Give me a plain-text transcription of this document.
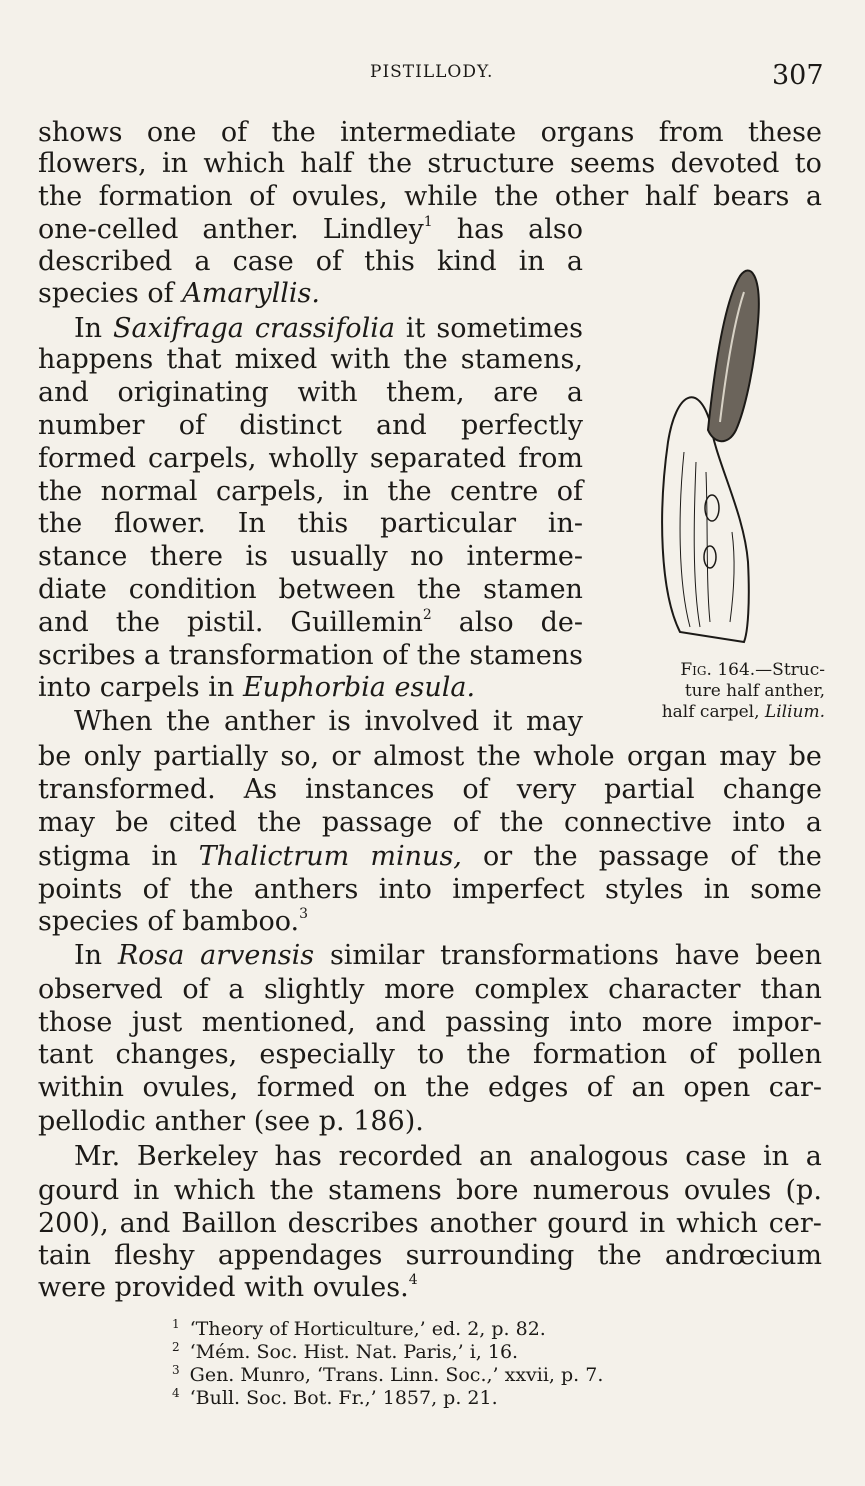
PISTILLODY.	307
shows one of the intermediate organs from these
flowers, in which half the structure seems devoted to
the formation of ovules, while the other half bears a
one-celled anther. Lindley$^1$ has also
described a case of this kind in a
species of Amaryllis.
In Saxifraga crassifolia it sometimes
happens that mixed with the stamens,
and originating with them, are a
number of distinct and perfectly
formed carpels, wholly separated from
the normal carpels, in the centre of
the flower. In this particular in-
stance there is usually no interme-
diate condition between the stamen
and the pistil. Guillemin$^2$ also de-
scribes a transformation of the stamens
into carpels in Euphorbia esula.
When the anther is involved it may
be only partially so, or almost the whole organ may be
transformed. As instances of very partial change
may be cited the passage of the connective into a
stigma in Thalictrum minus, or the passage of the
points of the anthers into imperfect styles in some
species of bamboo.$^3$
In Rosa arvensis similar transformations have been
observed of a slightly more complex character than
those just mentioned, and passing into more impor-
tant changes, especially to the formation of pollen
within ovules, formed on the edges of an open car-
pellodic anther (see p. 186).
Mr. Berkeley has recorded an analogous case in a
gourd in which the stamens bore numerous ovules (p.
200), and Baillon describes another gourd in which cer-
tain fleshy appendages surrounding the andrœcium
were provided with ovules.$^4$
Fig. 164.—Struc-
ture half anther,
half carpel, Lilium.
$^1$ ‘Theory of Horticulture,’ ed. 2, p. 82.
$^2$ ‘Mém. Soc. Hist. Nat. Paris,’ i, 16.
$^3$ Gen. Munro, ‘Trans. Linn. Soc.,’ xxvii, p. 7.
$^4$ ‘Bull. Soc. Bot. Fr.,’ 1857, p. 21.
